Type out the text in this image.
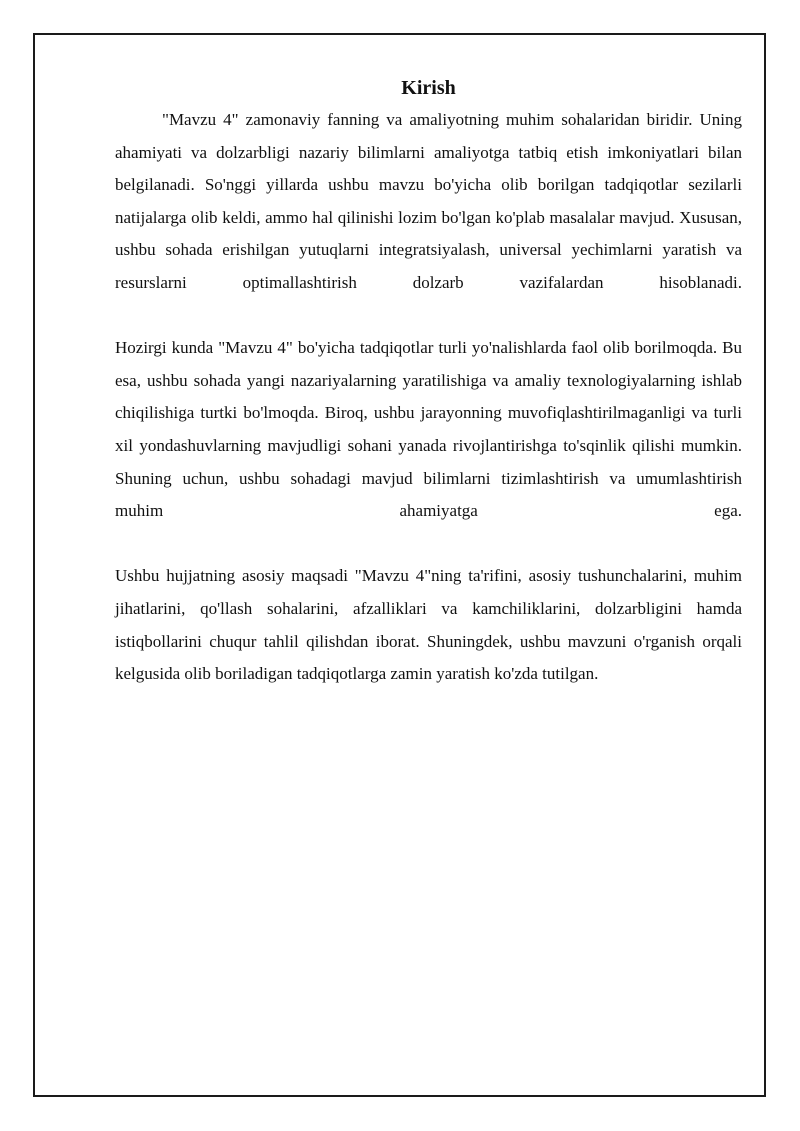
Kirish

"Mavzu 4" zamonaviy fanning va amaliyotning muhim sohalaridan biridir. Uning ahamiyati va dolzarbligi nazariy bilimlarni amaliyotga tatbiq etish imkoniyatlari bilan belgilanadi. So'nggi yillarda ushbu mavzu bo'yicha olib borilgan tadqiqotlar sezilarli natijalarga olib keldi, ammo hal qilinishi lozim bo'lgan ko'plab masalalar mavjud. Xususan, ushbu sohada erishilgan yutuqlarni integratsiyalash, universal yechimlarni yaratish va resurslarni optimallashtirish dolzarb vazifalardan hisoblanadi.

Hozirgi kunda "Mavzu 4" bo'yicha tadqiqotlar turli yo'nalishlarda faol olib borilmoqda. Bu esa, ushbu sohada yangi nazariyalarning yaratilishiga va amaliy texnologiyalarning ishlab chiqilishiga turtki bo'lmoqda. Biroq, ushbu jarayonning muvofiqlashtirilmaganligi va turli xil yondashuvlarning mavjudligi sohani yanada rivojlantirishga to'sqinlik qilishi mumkin. Shuning uchun, ushbu sohadagi mavjud bilimlarni tizimlashtirish va umumlashtirish muhim ahamiyatga ega.

Ushbu hujjatning asosiy maqsadi "Mavzu 4"ning ta'rifini, asosiy tushunchalarini, muhim jihatlarini, qo'llash sohalarini, afzalliklari va kamchiliklarini, dolzarbligini hamda istiqbollarini chuqur tahlil qilishdan iborat. Shuningdek, ushbu mavzuni o'rganish orqali kelgusida olib boriladigan tadqiqotlarga zamin yaratish ko'zda tutilgan.
